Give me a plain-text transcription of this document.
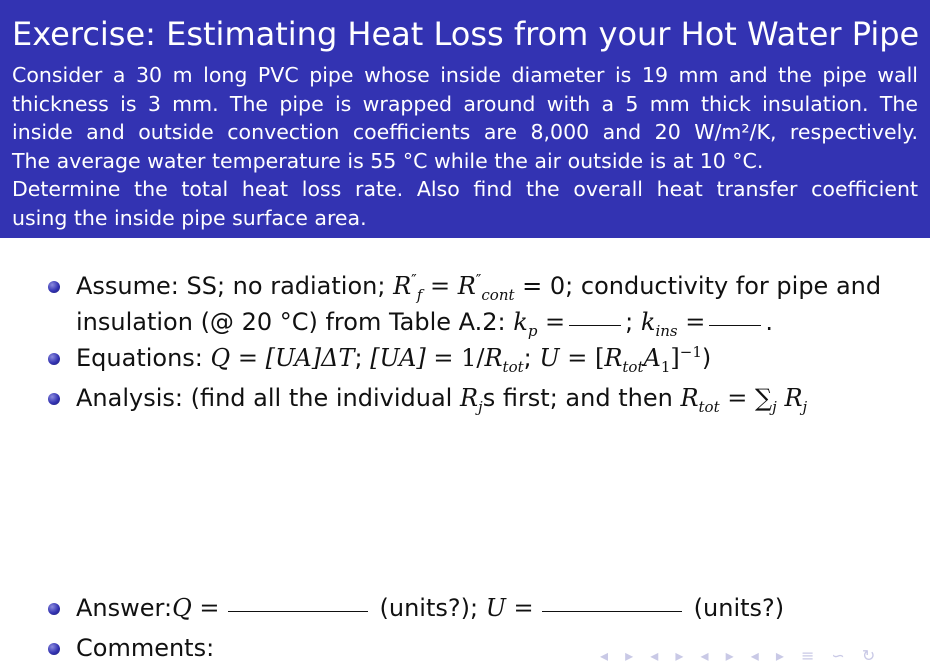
Exercise: Estimating Heat Loss from your Hot Water Pipe
Consider a 30 m long PVC pipe whose inside diameter is 19 mm and the pipe wall
thickness is 3 mm. The pipe is wrapped around with a 5 mm thick insulation. The
inside and outside convection coefficients are 8,000 and 20 W/m²/K, respectively.
The average water temperature is 55 °C while the air outside is at 10 °C.
Determine the total heat loss rate. Also find the overall heat transfer coefficient
using the inside pipe surface area.
Assume: SS; no radiation; $R''_f = R''_{cont} = 0$; conductivity for pipe and
insulation (@ 20 °C) from Table A.2: $k_p$ =	; $k_{ins}$ =	.
Equations: Q = [UA]ΔT; $[UA] = 1/R_{tot}$; $U = [R_{tot}A_1]^{-1}$)
Analysis: (find all the individual $R_js$ first; and then $R_{tot} = \sum_j$ $R_j$
Answer:Q =	(units?); U =	(units?)
Comments:	◂ ▸ ◂ ▸ ◂ ▸ ◂ ▸ ≡ ∽ ↻
